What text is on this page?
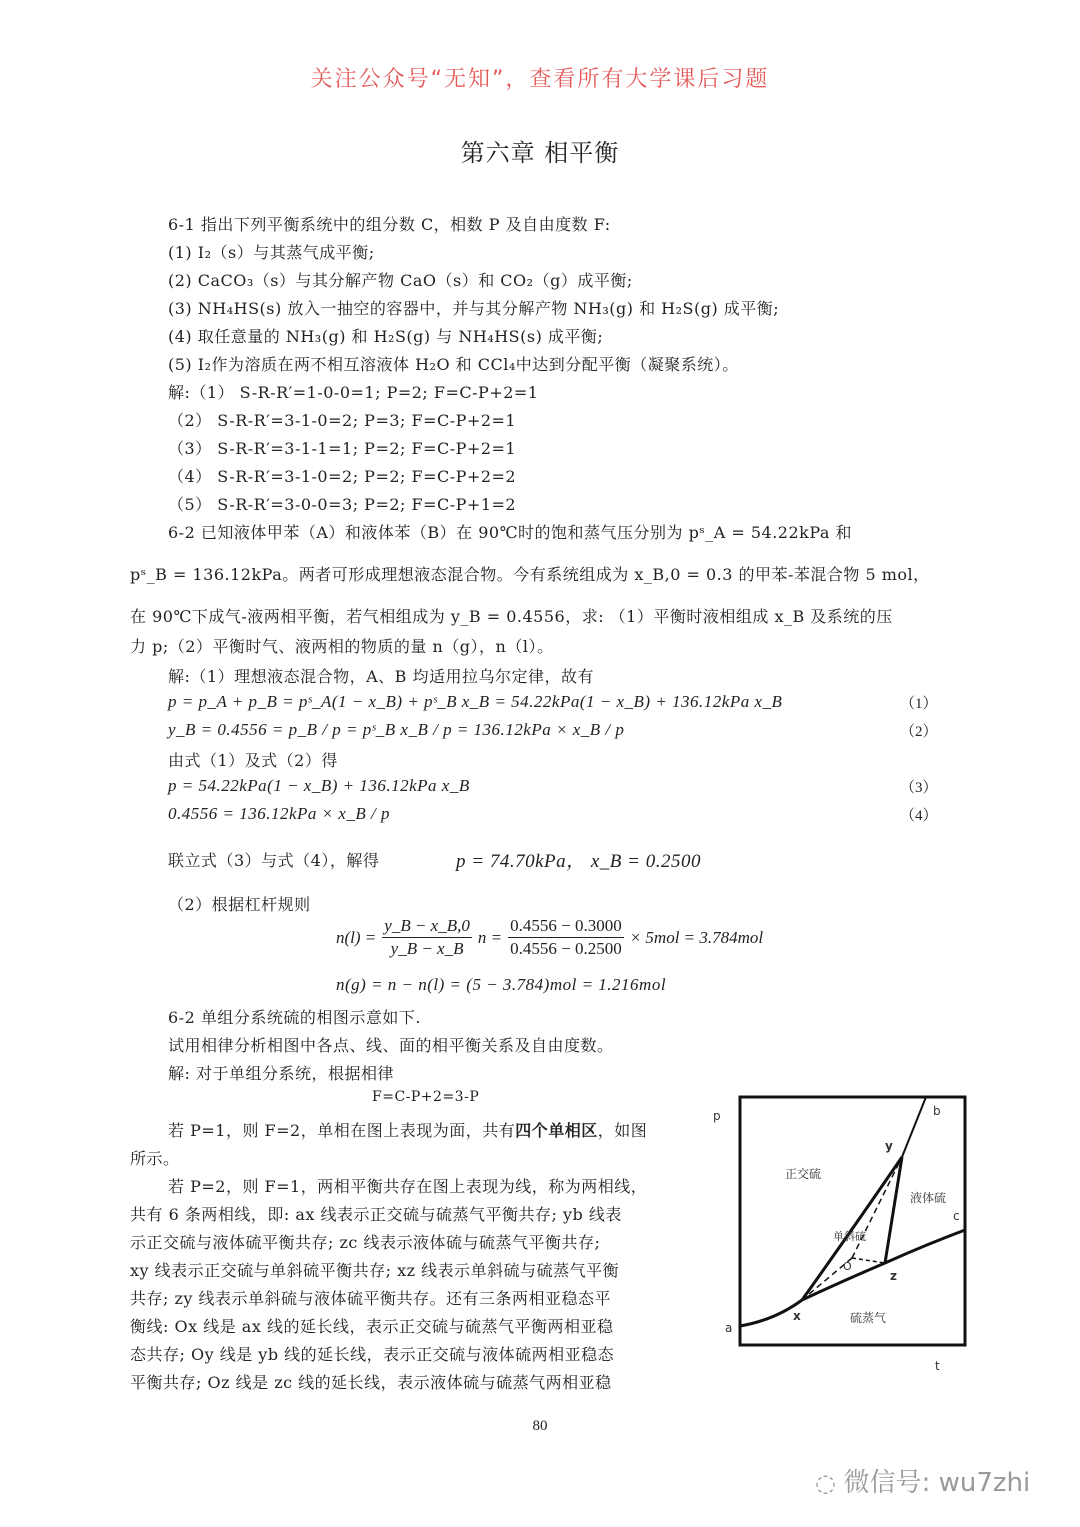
关注公众号“无知”，查看所有大学课后习题
第六章 相平衡
6-1 指出下列平衡系统中的组分数 C，相数 P 及自由度数 F:
(1) I₂（s）与其蒸气成平衡;
(2) CaCO₃（s）与其分解产物 CaO（s）和 CO₂（g）成平衡;
(3) NH₄HS(s) 放入一抽空的容器中，并与其分解产物 NH₃(g) 和 H₂S(g) 成平衡;
(4) 取任意量的 NH₃(g) 和 H₂S(g) 与 NH₄HS(s) 成平衡;
(5) I₂作为溶质在两不相互溶液体 H₂O 和 CCl₄中达到分配平衡（凝聚系统）。
解:（1） S-R-R′=1-0-0=1; P=2; F=C-P+2=1
（2） S-R-R′=3-1-0=2; P=3; F=C-P+2=1
（3） S-R-R′=3-1-1=1; P=2; F=C-P+2=1
（4） S-R-R′=3-1-0=2; P=2; F=C-P+2=2
（5） S-R-R′=3-0-0=3; P=2; F=C-P+1=2
6-2 已知液体甲苯（A）和液体苯（B）在 90℃时的饱和蒸气压分别为 pˢ_A = 54.22kPa 和
pˢ_B = 136.12kPa。两者可形成理想液态混合物。今有系统组成为 x_B,0 = 0.3 的甲苯-苯混合物 5 mol，
在 90℃下成气-液两相平衡，若气相组成为 y_B = 0.4556，求: （1）平衡时液相组成 x_B 及系统的压
力 p;（2）平衡时气、液两相的物质的量 n（g），n（l）。
解:（1）理想液态混合物，A、B 均适用拉乌尔定律，故有
p = p_A + p_B = pˢ_A(1 − x_B) + pˢ_B x_B = 54.22kPa(1 − x_B) + 136.12kPa x_B
y_B = 0.4556 = p_B / p = pˢ_B x_B / p = 136.12kPa × x_B / p
由式（1）及式（2）得
p = 54.22kPa(1 − x_B) + 136.12kPa x_B
0.4556 = 136.12kPa × x_B / p
（1）
（2）
（3）
（4）
联立式（3）与式（4），解得	p = 74.70kPa， x_B = 0.2500
（2）根据杠杆规则
$n(l) = \frac{y\_B - x\_B,0}{y\_B - x\_B}$ $n = \frac{0.4556 - 0.3000}{0.4556 - 0.2500} \times 5mol = 3.784mol$
n(g) = n − n(l) = (5 − 3.784)mol = 1.216mol
6-2 单组分系统硫的相图示意如下.
试用相律分析相图中各点、线、面的相平衡关系及自由度数。
解: 对于单组分系统，根据相律
F=C-P+2=3-P
若 P=1，则 F=2，单相在图上表现为面，共有四个单相区，如图
所示。
若 P=2，则 F=1，两相平衡共存在图上表现为线，称为两相线，
共有 6 条两相线，即: ax 线表示正交硫与硫蒸气平衡共存; yb 线表
示正交硫与液体硫平衡共存; zc 线表示液体硫与硫蒸气平衡共存;
xy 线表示正交硫与单斜硫平衡共存; xz 线表示单斜硫与硫蒸气平衡
共存; zy 线表示单斜硫与液体硫平衡共存。还有三条两相亚稳态平
衡线: Ox 线是 ax 线的延长线，表示正交硫与硫蒸气平衡两相亚稳
态共存; Oy 线是 yb 线的延长线，表示正交硫与液体硫两相亚稳态
平衡共存; Oz 线是 zc 线的延长线，表示液体硫与硫蒸气两相亚稳
p
t
a
b
c
x
y
z
O
正交硫
液体硫
单斜硫
硫蒸气
80
◌ 微信号: wu7zhi
